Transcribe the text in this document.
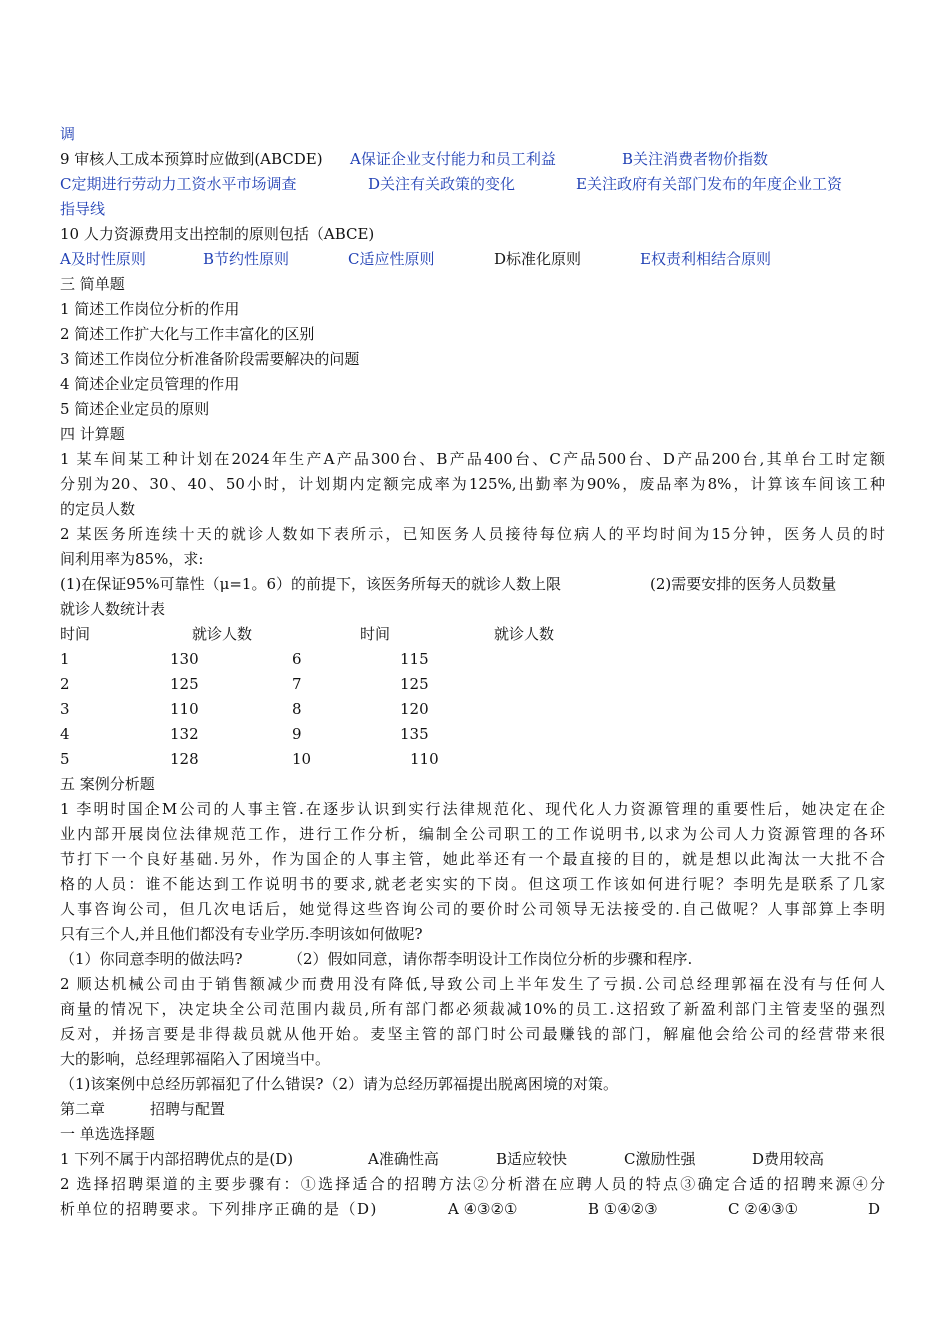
调
9 审核人工成本预算时应做到(ABCDE) A保证企业支付能力和员工利益	B关注消费者物价指数
C定期进行劳动力工资水平市场调查	D关注有关政策的变化	E关注政府有关部门发布的年度企业工资
指导线
10 人力资源费用支出控制的原则包括（ABCE)
A及时性原则	B节约性原则	C适应性原则	D标准化原则	E权责利相结合原则
三 简单题
1 简述工作岗位分析的作用
2 简述工作扩大化与工作丰富化的区别
3 简述工作岗位分析准备阶段需要解决的问题
4 简述企业定员管理的作用
5 简述企业定员的原则
四 计算题
1 某车间某工种计划在2024年生产A产品300台、B产品400台、C产品500台、D产品200台,其单台工时定额
分别为20、30、40、50小时，计划期内定额完成率为125%,出勤率为90%，废品率为8%，计算该车间该工种
的定员人数
2 某医务所连续十天的就诊人数如下表所示，已知医务人员接待每位病人的平均时间为15分钟，医务人员的时
间利用率为85%，求:
(1)在保证95%可靠性（μ=1。6）的前提下，该医务所每天的就诊人数上限	(2)需要安排的医务人员数量
就诊人数统计表
时间	就诊人数	时间	就诊人数
1	130	6	115
2	125	7	125
3	110	8	120
4	132	9	135
5	128	10	110
五 案例分析题
1 李明时国企M公司的人事主管.在逐步认识到实行法律规范化、现代化人力资源管理的重要性后，她决定在企
业内部开展岗位法律规范工作，进行工作分析，编制全公司职工的工作说明书,以求为公司人力资源管理的各环
节打下一个良好基础.另外，作为国企的人事主管，她此举还有一个最直接的目的，就是想以此淘汰一大批不合
格的人员：谁不能达到工作说明书的要求,就老老实实的下岗。但这项工作该如何进行呢？李明先是联系了几家
人事咨询公司，但几次电话后，她觉得这些咨询公司的要价时公司领导无法接受的.自己做呢？人事部算上李明
只有三个人,并且他们都没有专业学历.李明该如何做呢?
（1）你同意李明的做法吗?	（2）假如同意，请你帮李明设计工作岗位分析的步骤和程序.
2 顺达机械公司由于销售额减少而费用没有降低,导致公司上半年发生了亏损.公司总经理郭福在没有与任何人
商量的情况下，决定块全公司范围内裁员,所有部门都必须裁减10%的员工.这招致了新盈利部门主管麦坚的强烈
反对，并扬言要是非得裁员就从他开始。麦坚主管的部门时公司最赚钱的部门，解雇他会给公司的经营带来很
大的影响，总经理郭福陷入了困境当中。
（1)该案例中总经历郭福犯了什么错误?（2）请为总经历郭福提出脱离困境的对策。
第二章	招聘与配置
一 单选选择题
1 下列不属于内部招聘优点的是(D)	A准确性高	B适应较快	C激励性强	D费用较高
2 选择招聘渠道的主要步骤有：①选择适合的招聘方法②分析潜在应聘人员的特点③确定合适的招聘来源④分
析单位的招聘要求。下列排序正确的是（D)	A ④③②①	B ①④②③	C ②④③①	D
